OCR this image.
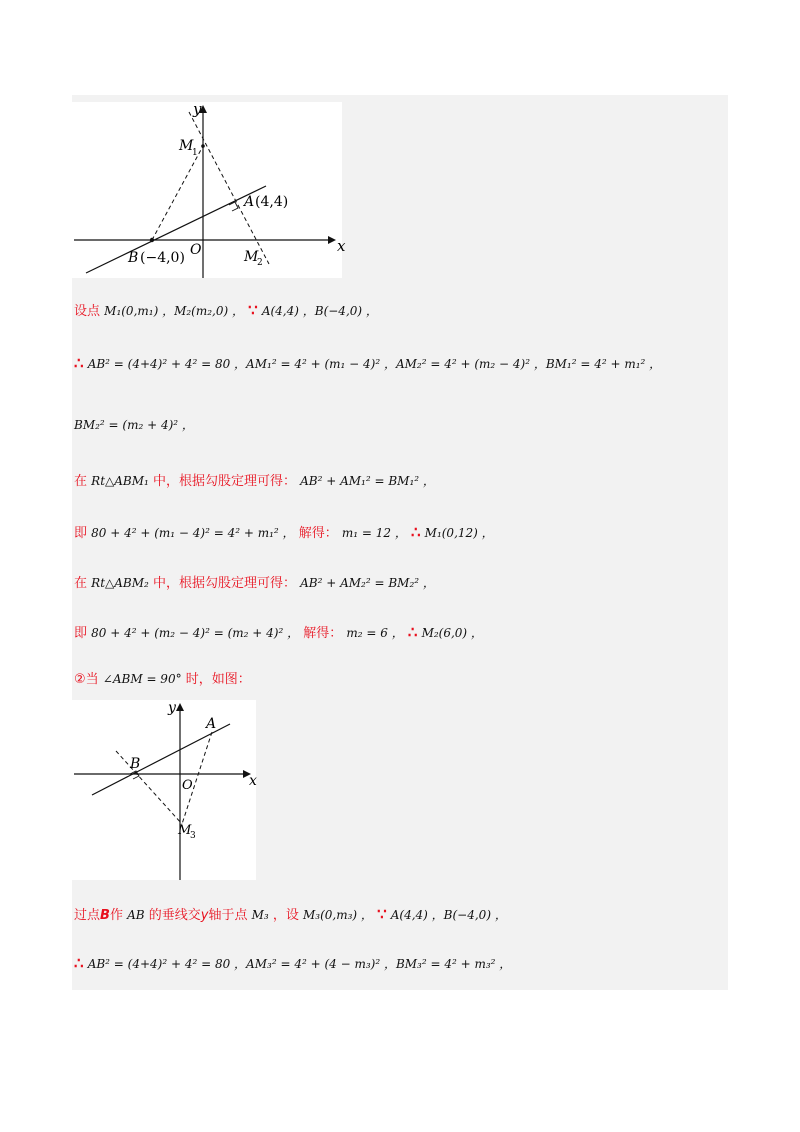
x
y
O
M
1
M
2
A (4,4)
B (−4,0)
设点 M₁(0,m₁) ，M₂(m₂,0) ， ∵ A(4,4) ，B(−4,0) ，
∴ AB² = (4+4)² + 4² = 80 ，AM₁² = 4² + (m₁ − 4)² ，AM₂² = 4² + (m₂ − 4)² ，BM₁² = 4² + m₁² ，
BM₂² = (m₂ + 4)² ，
在 Rt△ABM₁ 中，根据勾股定理可得： AB² + AM₁² = BM₁² ，
即 80 + 4² + (m₁ − 4)² = 4² + m₁² ， 解得： m₁ = 12 ， ∴ M₁(0,12) ，
在 Rt△ABM₂ 中，根据勾股定理可得： AB² + AM₂² = BM₂² ，
即 80 + 4² + (m₂ − 4)² = (m₂ + 4)² ， 解得： m₂ = 6 ， ∴ M₂(6,0) ，
②当 ∠ABM = 90° 时，如图：
x
y
O
A
B
M
3
过点B作 AB 的垂线交y轴于点 M₃ ，设 M₃(0,m₃) ， ∵ A(4,4) ，B(−4,0) ，
∴ AB² = (4+4)² + 4² = 80 ，AM₃² = 4² + (4 − m₃)² ，BM₃² = 4² + m₃² ，
